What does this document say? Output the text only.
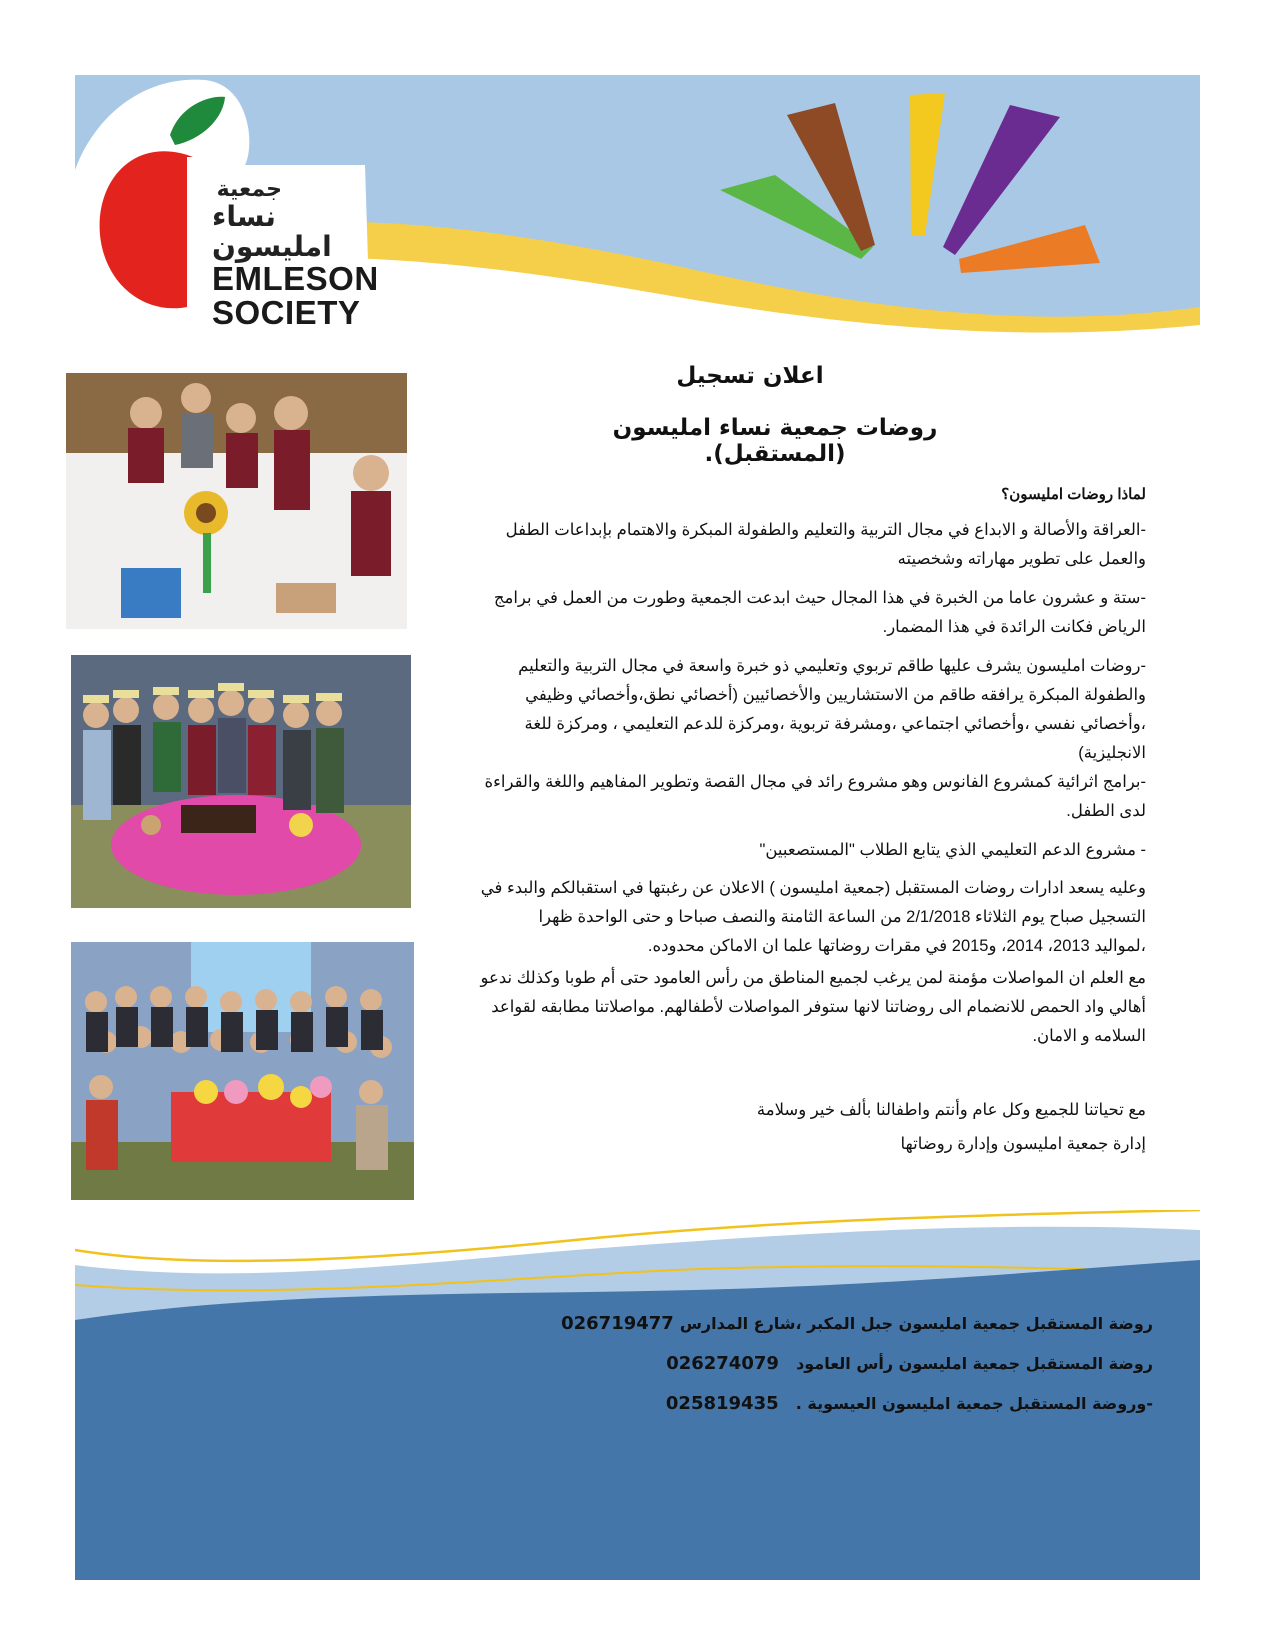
جمعية
نساء امليسون
EMLESON
SOCIETY
اعلان تسجيل
روضات جمعية نساء امليسون (المستقبل).
لماذا روضات امليسون؟
-العراقة والأصالة و الابداع في مجال التربية والتعليم والطفولة المبكرة والاهتمام بإبداعات الطفل والعمل على تطوير مهاراته وشخصيته
-ستة و عشرون عاما من الخبرة في هذا المجال حيث ابدعت الجمعية وطورت من العمل في برامج الرياض فكانت الرائدة في هذا المضمار.
-روضات امليسون يشرف عليها طاقم تربوي وتعليمي ذو خبرة واسعة في مجال التربية والتعليم والطفولة المبكرة يرافقه طاقم من الاستشاريين والأخصائيين (أخصائي نطق،وأخصائي وظيفي ،وأخصائي نفسي ،وأخصائي اجتماعي ،ومشرفة تربوية ،ومركزة للدعم التعليمي ، ومركزة للغة الانجليزية)
-برامج اثرائية كمشروع الفانوس وهو مشروع رائد في مجال القصة وتطوير المفاهيم واللغة والقراءة لدى الطفل.
- مشروع الدعم التعليمي الذي يتابع الطلاب "المستصعبين"
وعليه يسعد ادارات روضات المستقبل (جمعية امليسون ) الاعلان عن رغبتها في استقبالكم والبدء في
التسجيل صباح يوم الثلاثاء 2/1/2018 من الساعة الثامنة والنصف صباحا و حتى الواحدة ظهرا
،لمواليد 2013، 2014، و2015 في مقرات روضاتها علما ان الاماكن محدوده.
مع العلم ان المواصلات مؤمنة لمن يرغب لجميع المناطق من رأس العامود حتى أم طوبا وكذلك ندعو أهالي واد الحمص للانضمام الى روضاتنا لانها ستوفر المواصلات لأطفالهم. مواصلاتنا مطابقه لقواعد السلامه و الامان.
مع تحياتنا للجميع وكل عام وأنتم واطفالنا بألف خير وسلامة
إدارة جمعية امليسون وإدارة روضاتها
روضة المستقبل جمعية امليسون جبل المكبر ،شارع المدارس026719477
روضة المستقبل جمعية امليسون رأس العامود  026274079
-وروضة المستقبل جمعية امليسون العيسوية .  025819435
